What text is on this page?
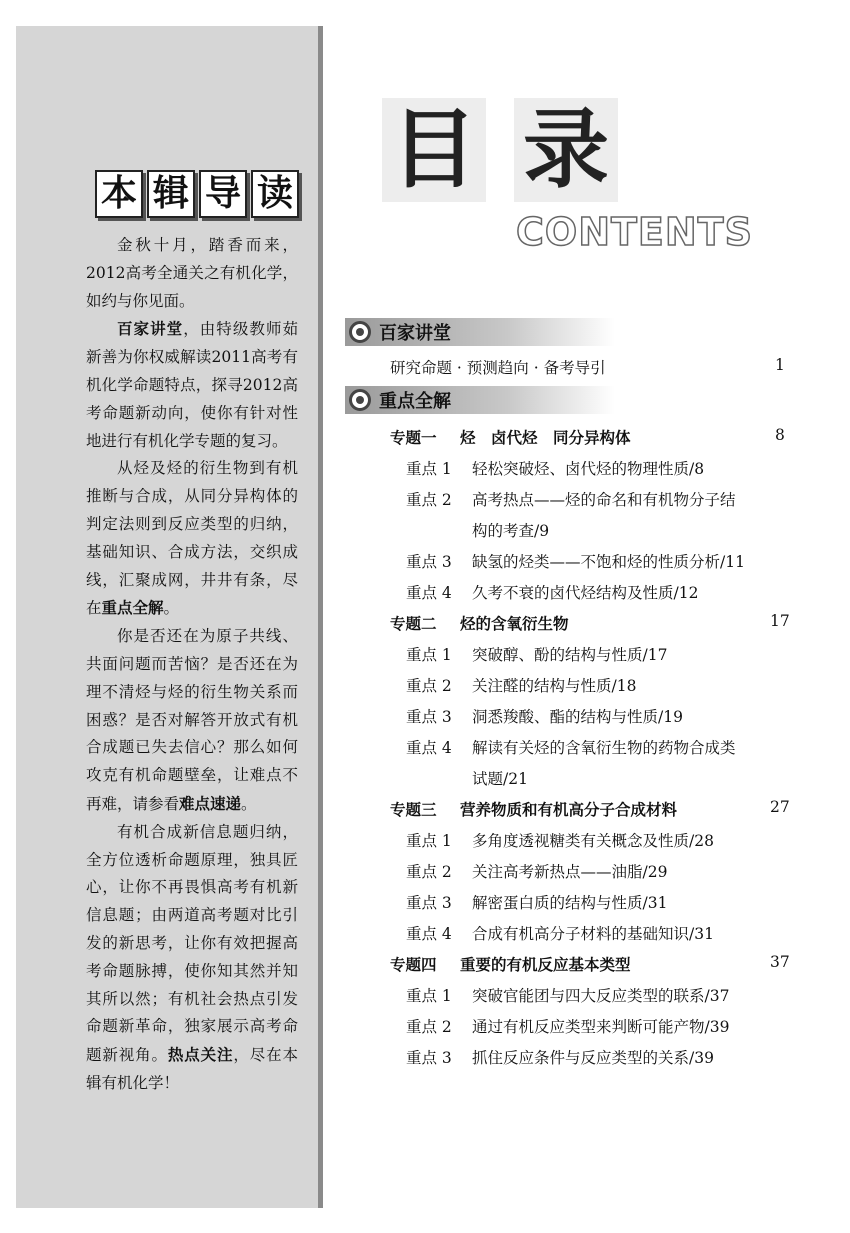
本 辑 导 读

金秋十月，踏香而来，2012高考全通关之有机化学，如约与你见面。

百家讲堂，由特级教师茹新善为你权威解读2011高考有机化学命题特点，探寻2012高考命题新动向，使你有针对性地进行有机化学专题的复习。

从烃及烃的衍生物到有机推断与合成，从同分异构体的判定法则到反应类型的归纳，基础知识、合成方法，交织成线，汇聚成网，井井有条，尽在重点全解。

你是否还在为原子共线、共面问题而苦恼？是否还在为理不清烃与烃的衍生物关系而困惑？是否对解答开放式有机合成题已失去信心？那么如何攻克有机命题壁垒，让难点不再难，请参看难点速递。

有机合成新信息题归纳，全方位透析命题原理，独具匠心，让你不再畏惧高考有机新信息题；由两道高考题对比引发的新思考，让你有效把握高考命题脉搏，使你知其然并知其所以然；有机社会热点引发命题新革命，独家展示高考命题新视角。热点关注，尽在本辑有机化学！

目 录
CONTENTS
百家讲堂
研究命题 · 预测趋向 · 备考导引	1
重点全解
专题一 烃　卤代烃　同分异构体	8
重点 1 轻松突破烃、卤代烃的物理性质/8
重点 2 高考热点——烃的命名和有机物分子结
构的考查/9
重点 3 缺氢的烃类——不饱和烃的性质分析/11
重点 4 久考不衰的卤代烃结构及性质/12
专题二 烃的含氧衍生物	17
重点 1 突破醇、酚的结构与性质/17
重点 2 关注醛的结构与性质/18
重点 3 洞悉羧酸、酯的结构与性质/19
重点 4 解读有关烃的含氧衍生物的药物合成类
试题/21
专题三 营养物质和有机高分子合成材料	27
重点 1 多角度透视糖类有关概念及性质/28
重点 2 关注高考新热点——油脂/29
重点 3 解密蛋白质的结构与性质/31
重点 4 合成有机高分子材料的基础知识/31
专题四 重要的有机反应基本类型	37
重点 1 突破官能团与四大反应类型的联系/37
重点 2 通过有机反应类型来判断可能产物/39
重点 3 抓住反应条件与反应类型的关系/39
